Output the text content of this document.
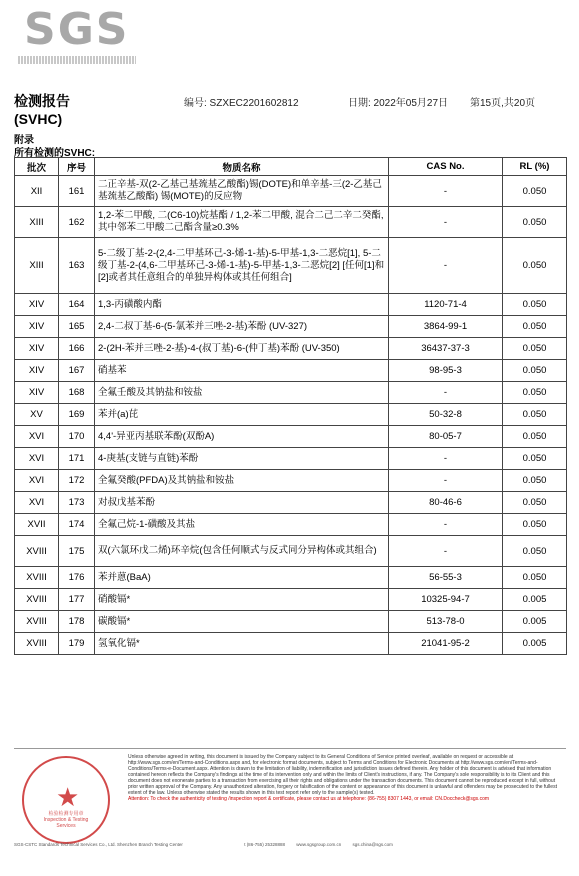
SGS
检测报告
(SVHC)
编号: SZXEC2201602812	日期: 2022年05月27日 第15页,共20页
附录
所有检测的SVHC:
批次	序号	物质名称	CAS No.	RL (%)
XII	161	二正辛基-双(2-乙基己基巯基乙酸酯)锡(DOTE)和单辛基-三(2-乙基己基巯基乙酸酯) 锡(MOTE)的反应物	-	0.050
XIII	162	1,2-苯二甲酸, 二(C6-10)烷基酯 / 1,2-苯二甲酸, 混合二己二辛二癸酯, 其中邻苯二甲酸二己酯含量≥0.3%	-	0.050
XIII	163	5-二级丁基-2-(2,4-二甲基环己-3-烯-1-基)-5-甲基-1,3-二恶烷[1], 5-二级丁基-2-(4,6-二甲基环己-3-烯-1-基)-5-甲基-1,3-二恶烷[2] [任何[1]和[2]或者其任意组合的单独异构体或其任何组合]	-	0.050
XIV	164	1,3-丙磺酸内酯	1120-71-4	0.050
XIV	165	2,4-二叔丁基-6-(5-氯苯并三唑-2-基)苯酚 (UV-327)	3864-99-1	0.050
XIV	166	2-(2H-苯并三唑-2-基)-4-(叔丁基)-6-(仲丁基)苯酚 (UV-350)	36437-37-3	0.050
XIV	167	硝基苯	98-95-3	0.050
XIV	168	全氟壬酸及其钠盐和铵盐	-	0.050
XV	169	苯并(a)芘	50-32-8	0.050
XVI	170	4,4'-异亚丙基联苯酚(双酚A)	80-05-7	0.050
XVI	171	4-庚基(支链与直链)苯酚	-	0.050
XVI	172	全氟癸酸(PFDA)及其钠盐和铵盐	-	0.050
XVI	173	对叔戊基苯酚	80-46-6	0.050
XVII	174	全氟己烷-1-磺酸及其盐	-	0.050
XVIII	175	双(六氯环戊二烯)环辛烷(包含任何顺式与反式同分异构体或其组合)	-	0.050
XVIII	176	苯并蒽(BaA)	56-55-3	0.050
XVIII	177	硝酸镉*	10325-94-7	0.005
XVIII	178	碳酸镉*	513-78-0	0.005
XVIII	179	氢氧化镉*	21041-95-2	0.005
★
检验检测专用章 Inspection & Testing Services
Unless otherwise agreed in writing, this document is issued by the Company subject to its General Conditions of Service printed overleaf, available on request or accessible at http://www.sgs.com/en/Terms-and-Conditions.aspx and, for electronic format documents, subject to Terms and Conditions for Electronic Documents at http://www.sgs.com/en/Terms-and-Conditions/Terms-e-Document.aspx. Attention is drawn to the limitation of liability, indemnification and jurisdiction issues defined therein. Any holder of this document is advised that information contained hereon reflects the Company's findings at the time of its intervention only and within the limits of Client's instructions, if any. The Company's sole responsibility is to its Client and this document does not exonerate parties to a transaction from exercising all their rights and obligations under the transaction documents. This document cannot be reproduced except in full, without prior written approval of the Company. Any unauthorized alteration, forgery or falsification of the content or appearance of this document is unlawful and offenders may be prosecuted to the fullest extent of the law. Unless otherwise stated the results shown in this test report refer only to the sample(s) tested.
Attention: To check the authenticity of testing /inspection report & certificate, please contact us at telephone: (86-755) 8307 1443, or email: CN.Doccheck@sgs.com
SGS-CSTC Standards Technical Services Co., Ltd. Shenzhen Branch Testing Center	t (86-755) 25328888	www.sgsgroup.com.cn	sgs.china@sgs.com
